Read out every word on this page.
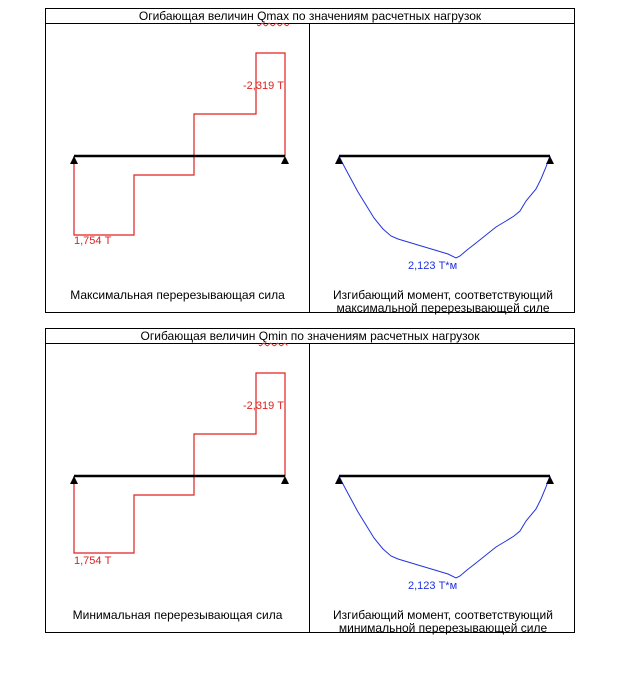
Огибающая величин Qmax по значениям расчетных нагрузок
-2,319 Т
1,754 Т
2,123 Т*м
Максимальная перерезывающая сила	Изгибающий момент, соответствующий
максимальной перерезывающей силе
Огибающая величин Qmin по значениям расчетных нагрузок
-2,319 Т
1,754 Т
2,123 Т*м
Минимальная перерезывающая сила	Изгибающий момент, соответствующий
минимальной перерезывающей силе
